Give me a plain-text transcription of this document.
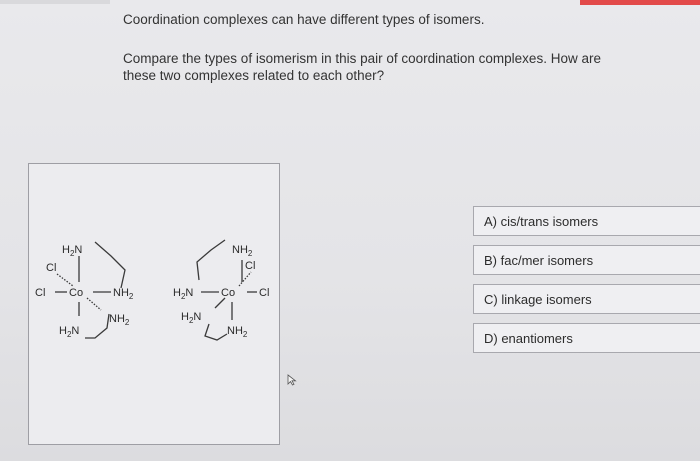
Coordination complexes can have different types of isomers.
Compare the types of isomerism in this pair of coordination complexes. How are these two complexes related to each other?
$H_2N$
Cl
Cl Co	$NH_2$
$NH_2$
$H_2N$
$NH_2$
Cl
$H_2N$	Co Cl
$H_2N$
$NH_2$
A) cis/trans isomers
B) fac/mer isomers
C) linkage isomers
D) enantiomers
